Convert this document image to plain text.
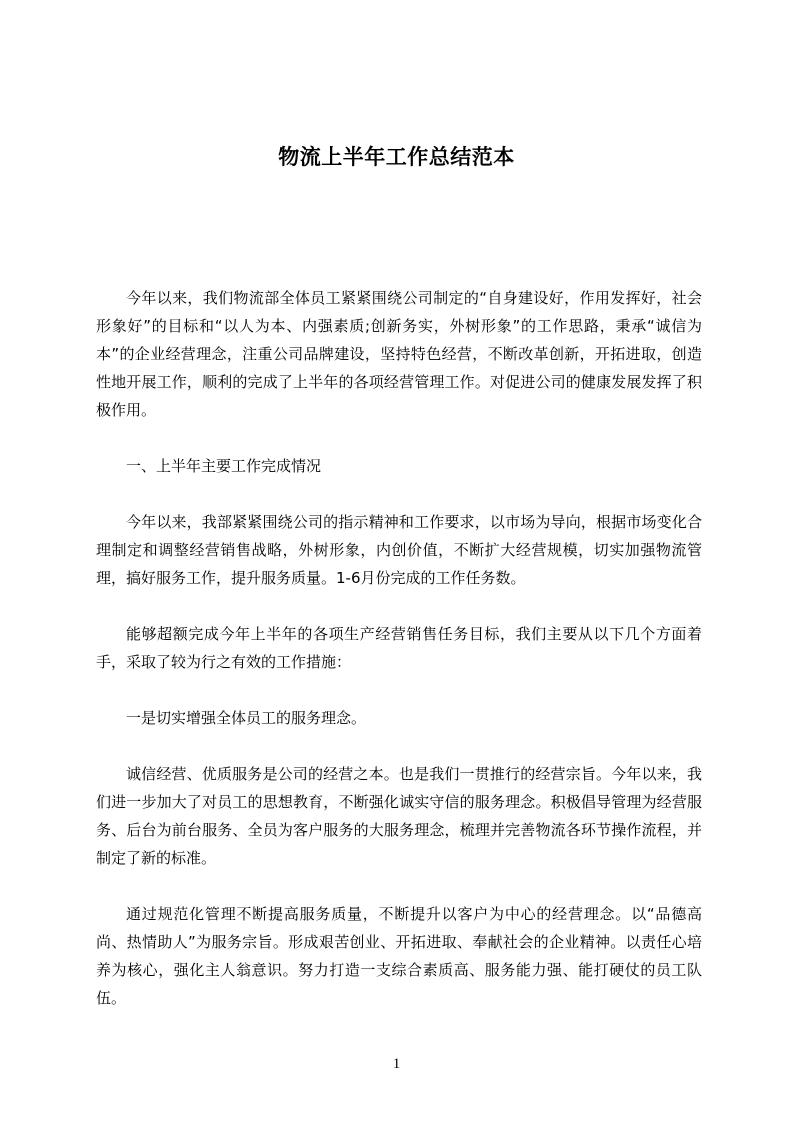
物流上半年工作总结范本

今年以来，我们物流部全体员工紧紧围绕公司制定的“自身建设好，作用发挥好，社会形象好”的目标和“以人为本、内强素质;创新务实，外树形象”的工作思路，秉承“诚信为本”的企业经营理念，注重公司品牌建设，坚持特色经营，不断改革创新，开拓进取，创造性地开展工作，顺利的完成了上半年的各项经营管理工作。对促进公司的健康发展发挥了积极作用。

一、上半年主要工作完成情况

今年以来，我部紧紧围绕公司的指示精神和工作要求，以市场为导向，根据市场变化合理制定和调整经营销售战略，外树形象，内创价值，不断扩大经营规模，切实加强物流管理，搞好服务工作，提升服务质量。1-6月份完成的工作任务数。

能够超额完成今年上半年的各项生产经营销售任务目标，我们主要从以下几个方面着手，采取了较为行之有效的工作措施：

一是切实增强全体员工的服务理念。

诚信经营、优质服务是公司的经营之本。也是我们一贯推行的经营宗旨。今年以来，我们进一步加大了对员工的思想教育，不断强化诚实守信的服务理念。积极倡导管理为经营服务、后台为前台服务、全员为客户服务的大服务理念，梳理并完善物流各环节操作流程，并制定了新的标准。

通过规范化管理不断提高服务质量，不断提升以客户为中心的经营理念。以“品德高尚、热情助人”为服务宗旨。形成艰苦创业、开拓进取、奉献社会的企业精神。以责任心培养为核心，强化主人翁意识。努力打造一支综合素质高、服务能力强、能打硬仗的员工队伍。

1
